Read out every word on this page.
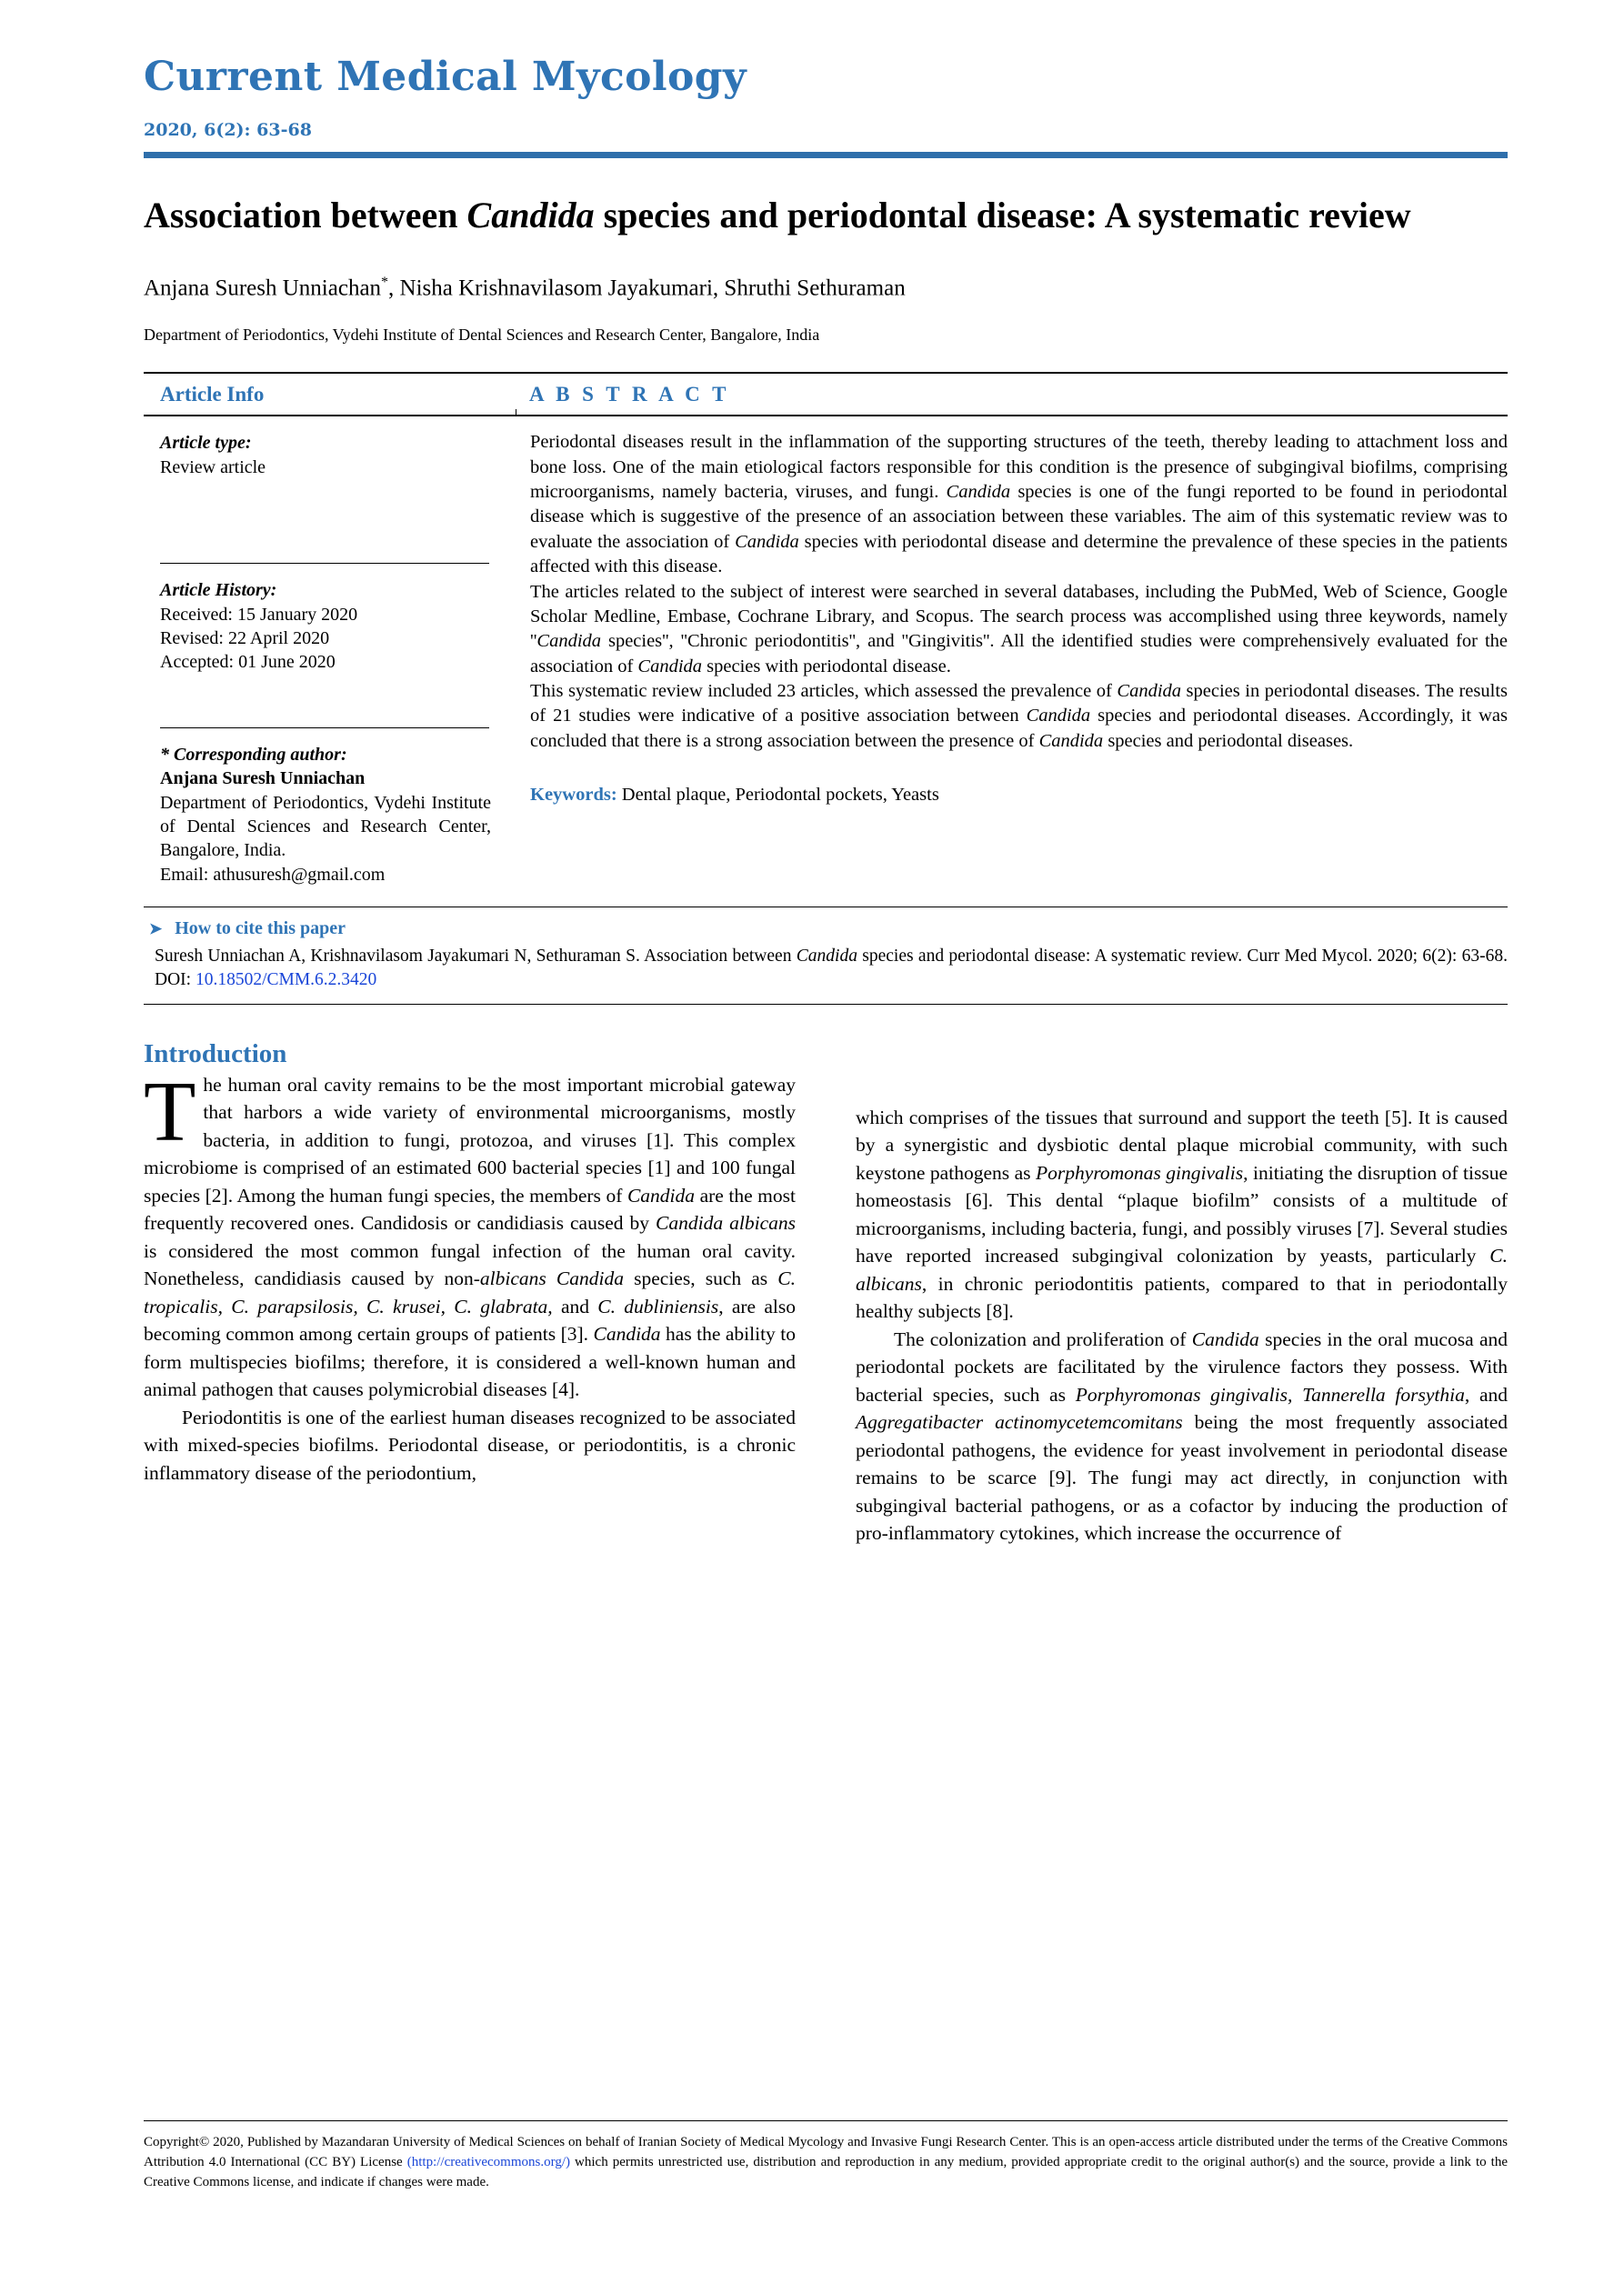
Current Medical Mycology
2020, 6(2): 63-68
Association between Candida species and periodontal disease: A systematic review
Anjana Suresh Unniachan*, Nisha Krishnavilasom Jayakumari, Shruthi Sethuraman
Department of Periodontics, Vydehi Institute of Dental Sciences and Research Center, Bangalore, India
Article Info	A B S T R A C T
Article type:
Review article
Article History:
Received: 15 January 2020
Revised: 22 April 2020
Accepted: 01 June 2020
* Corresponding author:
Anjana Suresh Unniachan
Department of Periodontics, Vydehi Institute of Dental Sciences and Research Center, Bangalore, India.
Email: athusuresh@gmail.com

Periodontal diseases result in the inflammation of the supporting structures of the teeth, thereby leading to attachment loss and bone loss. One of the main etiological factors responsible for this condition is the presence of subgingival biofilms, comprising microorganisms, namely bacteria, viruses, and fungi. Candida species is one of the fungi reported to be found in periodontal disease which is suggestive of the presence of an association between these variables. The aim of this systematic review was to evaluate the association of Candida species with periodontal disease and determine the prevalence of these species in the patients affected with this disease.

The articles related to the subject of interest were searched in several databases, including the PubMed, Web of Science, Google Scholar Medline, Embase, Cochrane Library, and Scopus. The search process was accomplished using three keywords, namely ''Candida species'', ''Chronic periodontitis'', and ''Gingivitis''. All the identified studies were comprehensively evaluated for the association of Candida species with periodontal disease.

This systematic review included 23 articles, which assessed the prevalence of Candida species in periodontal diseases. The results of 21 studies were indicative of a positive association between Candida species and periodontal diseases. Accordingly, it was concluded that there is a strong association between the presence of Candida species and periodontal diseases.

Keywords: Dental plaque, Periodontal pockets, Yeasts
➤ How to cite this paper
Suresh Unniachan A, Krishnavilasom Jayakumari N, Sethuraman S. Association between Candida species and periodontal disease: A systematic review. Curr Med Mycol. 2020; 6(2): 63-68. DOI: 10.18502/CMM.6.2.3420
Introduction

The human oral cavity remains to be the most important microbial gateway that harbors a wide variety of environmental microorganisms, mostly bacteria, in addition to fungi, protozoa, and viruses [1]. This complex microbiome is comprised of an estimated 600 bacterial species [1] and 100 fungal species [2]. Among the human fungi species, the members of Candida are the most frequently recovered ones. Candidosis or candidiasis caused by Candida albicans is considered the most common fungal infection of the human oral cavity. Nonetheless, candidiasis caused by non-albicans Candida species, such as C. tropicalis, C. parapsilosis, C. krusei, C. glabrata, and C. dubliniensis, are also becoming common among certain groups of patients [3]. Candida has the ability to form multispecies biofilms; therefore, it is considered a well-known human and animal pathogen that causes polymicrobial diseases [4].

Periodontitis is one of the earliest human diseases recognized to be associated with mixed-species biofilms. Periodontal disease, or periodontitis, is a chronic inflammatory disease of the periodontium,

which comprises of the tissues that surround and support the teeth [5]. It is caused by a synergistic and dysbiotic dental plaque microbial community, with such keystone pathogens as Porphyromonas gingivalis, initiating the disruption of tissue homeostasis [6]. This dental “plaque biofilm” consists of a multitude of microorganisms, including bacteria, fungi, and possibly viruses [7]. Several studies have reported increased subgingival colonization by yeasts, particularly C. albicans, in chronic periodontitis patients, compared to that in periodontally healthy subjects [8].

The colonization and proliferation of Candida species in the oral mucosa and periodontal pockets are facilitated by the virulence factors they possess. With bacterial species, such as Porphyromonas gingivalis, Tannerella forsythia, and Aggregatibacter actinomycetemcomitans being the most frequently associated periodontal pathogens, the evidence for yeast involvement in periodontal disease remains to be scarce [9]. The fungi may act directly, in conjunction with subgingival bacterial pathogens, or as a cofactor by inducing the production of pro-inflammatory cytokines, which increase the occurrence of

Copyright© 2020, Published by Mazandaran University of Medical Sciences on behalf of Iranian Society of Medical Mycology and Invasive Fungi Research Center. This is an open-access article distributed under the terms of the Creative Commons Attribution 4.0 International (CC BY) License (http://creativecommons.org/) which permits unrestricted use, distribution and reproduction in any medium, provided appropriate credit to the original author(s) and the source, provide a link to the Creative Commons license, and indicate if changes were made.
